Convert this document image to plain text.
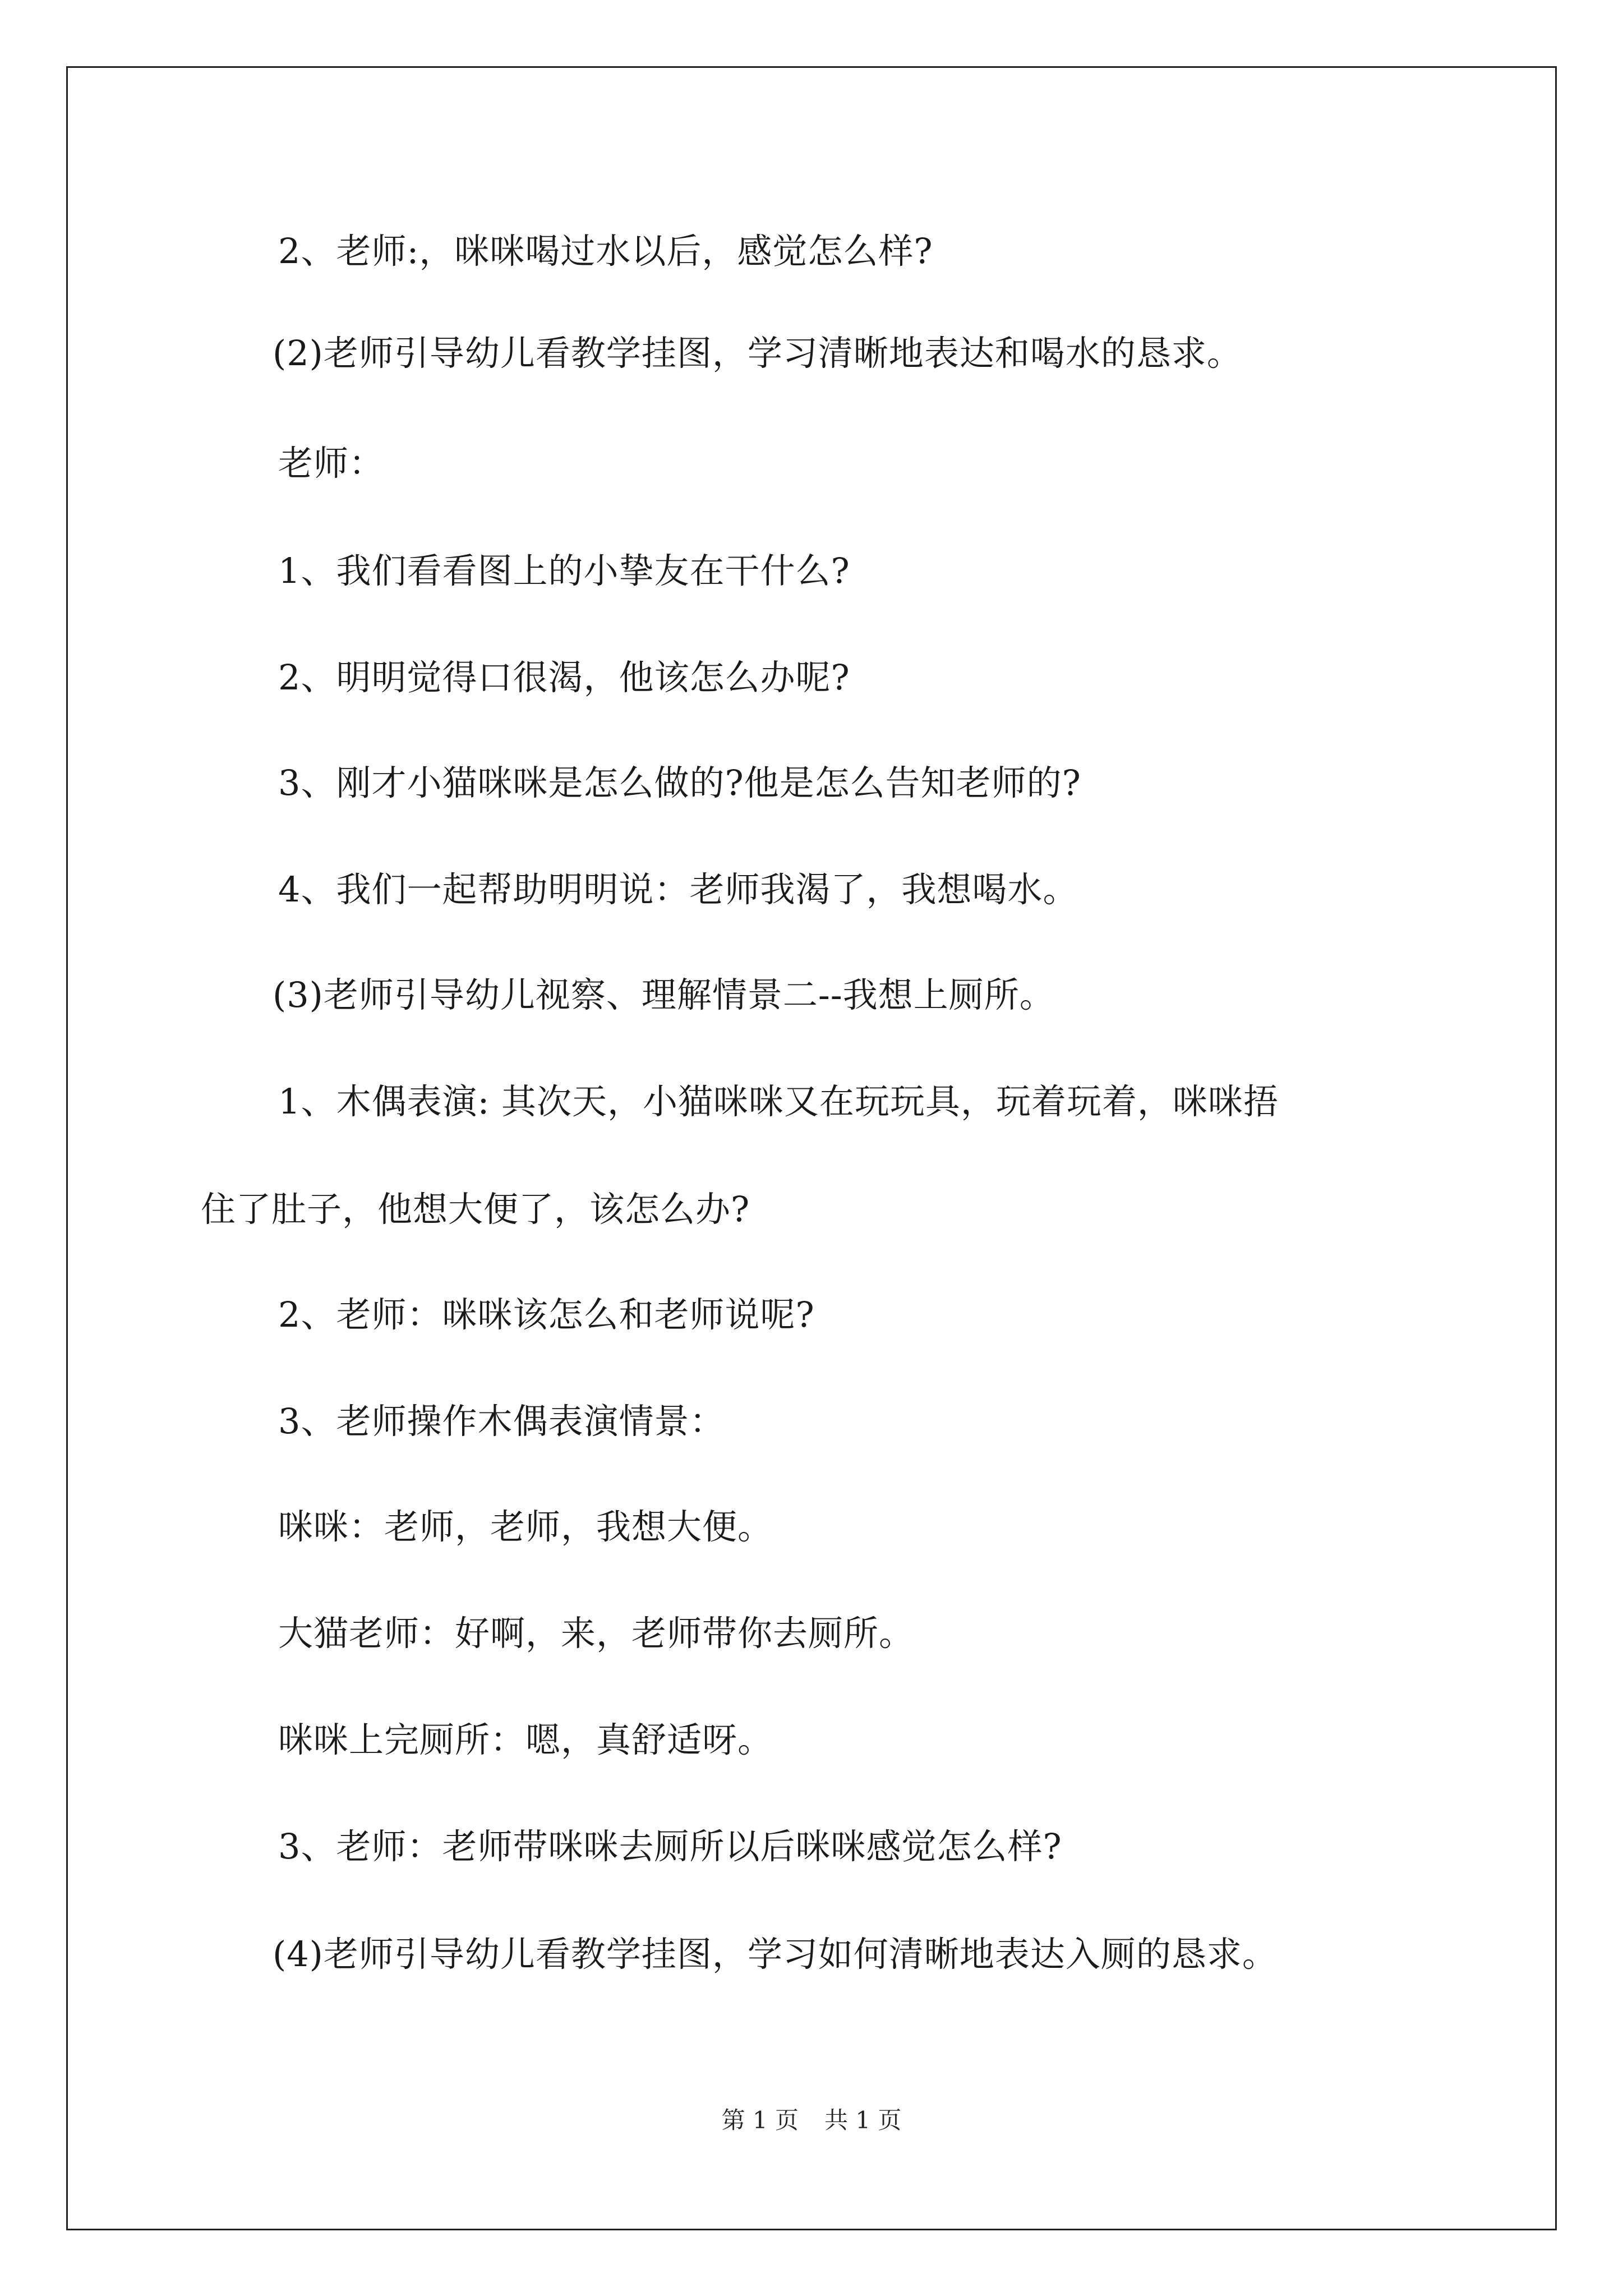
2、老师:，咪咪喝过水以后，感觉怎么样?
(2)老师引导幼儿看教学挂图，学习清晰地表达和喝水的恳求。
老师：
1、我们看看图上的小挚友在干什么?
2、明明觉得口很渴，他该怎么办呢?
3、刚才小猫咪咪是怎么做的?他是怎么告知老师的?
4、我们一起帮助明明说：老师我渴了，我想喝水。
(3)老师引导幼儿视察、理解情景二--我想上厕所。
1、木偶表演: 其次天，小猫咪咪又在玩玩具，玩着玩着，咪咪捂
住了肚子，他想大便了，该怎么办?
2、老师：咪咪该怎么和老师说呢?
3、老师操作木偶表演情景：
咪咪：老师，老师，我想大便。
大猫老师：好啊，来，老师带你去厕所。
咪咪上完厕所：嗯，真舒适呀。
3、老师：老师带咪咪去厕所以后咪咪感觉怎么样?
(4)老师引导幼儿看教学挂图，学习如何清晰地表达入厕的恳求。
第 1 页 共 1 页
